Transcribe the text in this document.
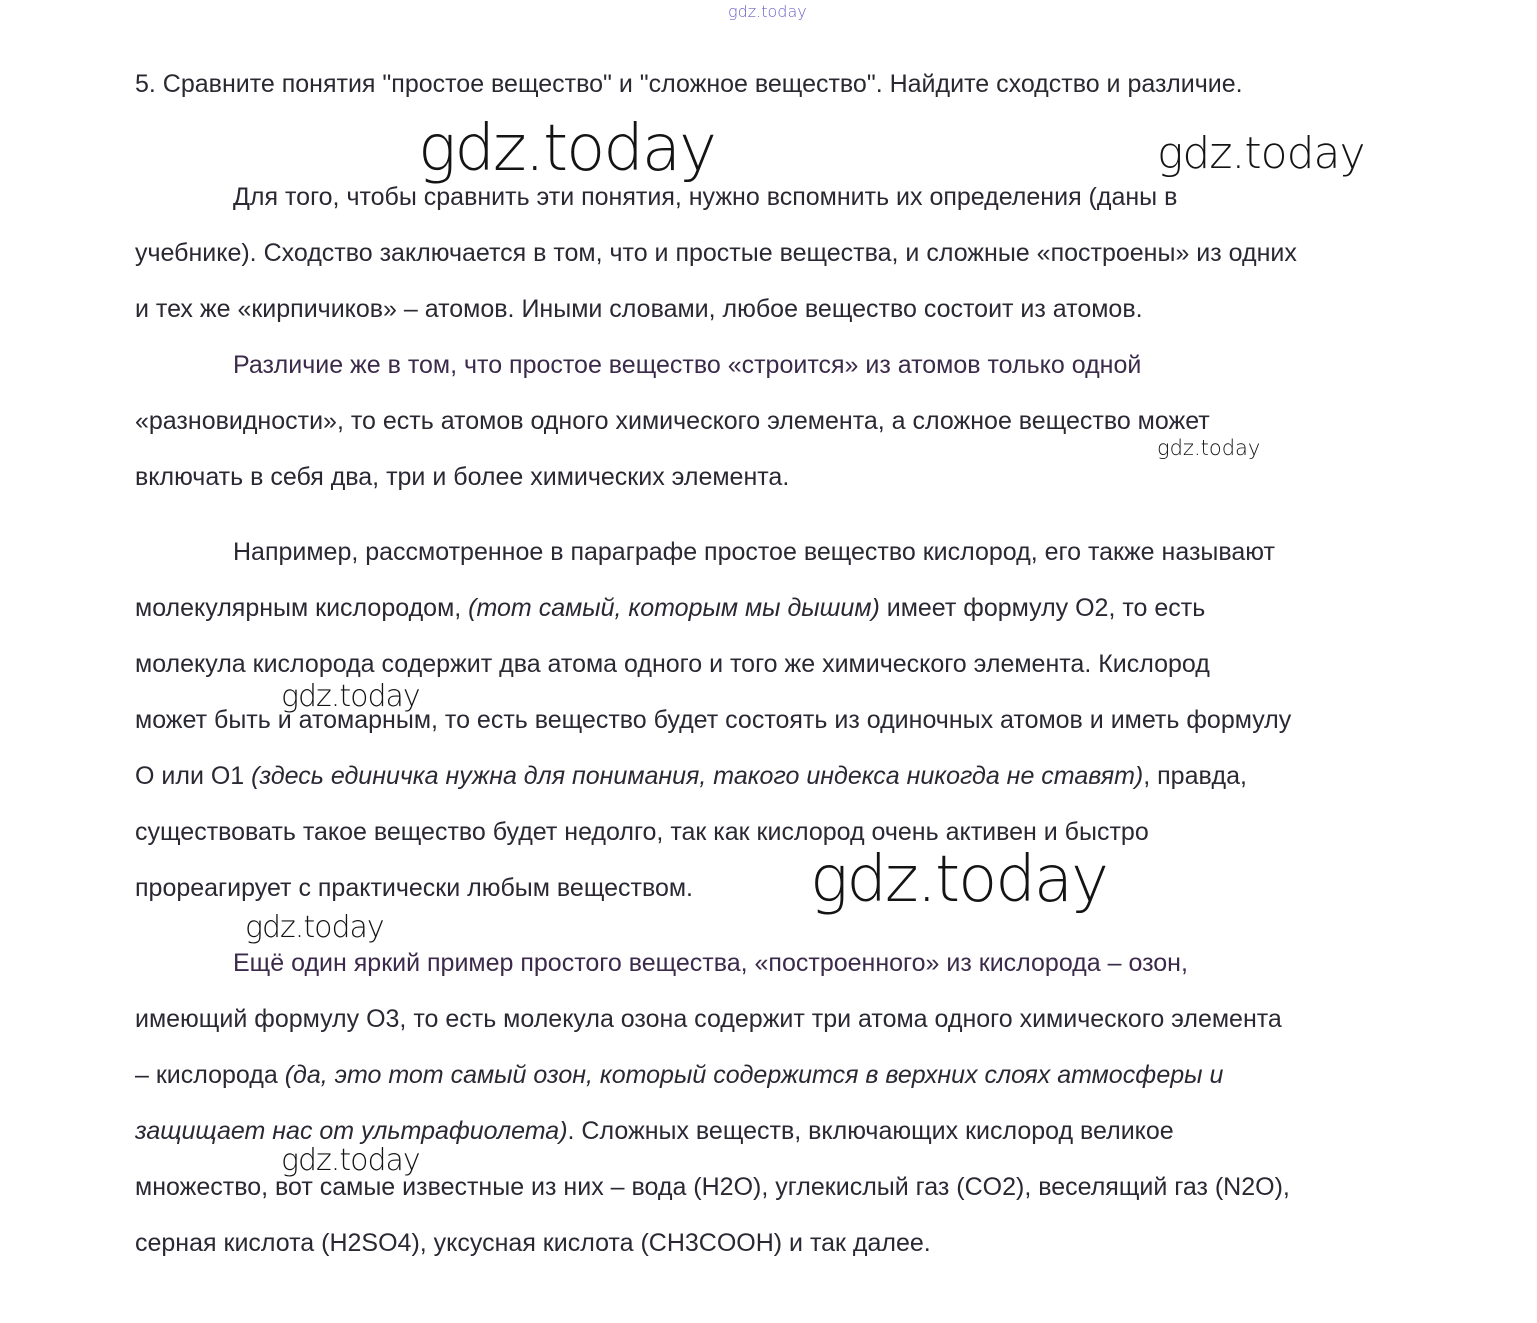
gdz.today
5. Сравните понятия "простое вещество" и "сложное вещество". Найдите сходство и различие.
Для того, чтобы сравнить эти понятия, нужно вспомнить их определения (даны в
учебнике). Сходство заключается в том, что и простые вещества, и сложные «построены» из одних
и тех же «кирпичиков» – атомов. Иными словами, любое вещество состоит из атомов.
Различие же в том, что простое вещество «строится» из атомов только одной
«разновидности», то есть атомов одного химического элемента, а сложное вещество может
включать в себя два, три и более химических элемента.
Например, рассмотренное в параграфе простое вещество кислород, его также называют
молекулярным кислородом, (тот самый, которым мы дышим) имеет формулу O2, то есть
молекула кислорода содержит два атома одного и того же химического элемента. Кислород
может быть и атомарным, то есть вещество будет состоять из одиночных атомов и иметь формулу
O или O1 (здесь единичка нужна для понимания, такого индекса никогда не ставят), правда,
существовать такое вещество будет недолго, так как кислород очень активен и быстро
прореагирует с практически любым веществом.
Ещё один яркий пример простого вещества, «построенного» из кислорода – озон,
имеющий формулу O3, то есть молекула озона содержит три атома одного химического элемента
– кислорода (да, это тот самый озон, который содержится в верхних слоях атмосферы и
защищает нас от ультрафиолета). Сложных веществ, включающих кислород великое
множество, вот самые известные из них – вода (H2O), углекислый газ (CO2), веселящий газ (N2O),
серная кислота (H2SO4), уксусная кислота (CH3COOH) и так далее.
gdz.today	gdz.today
gdz.today
gdz.today
gdz.today
gdz.today
gdz.today
